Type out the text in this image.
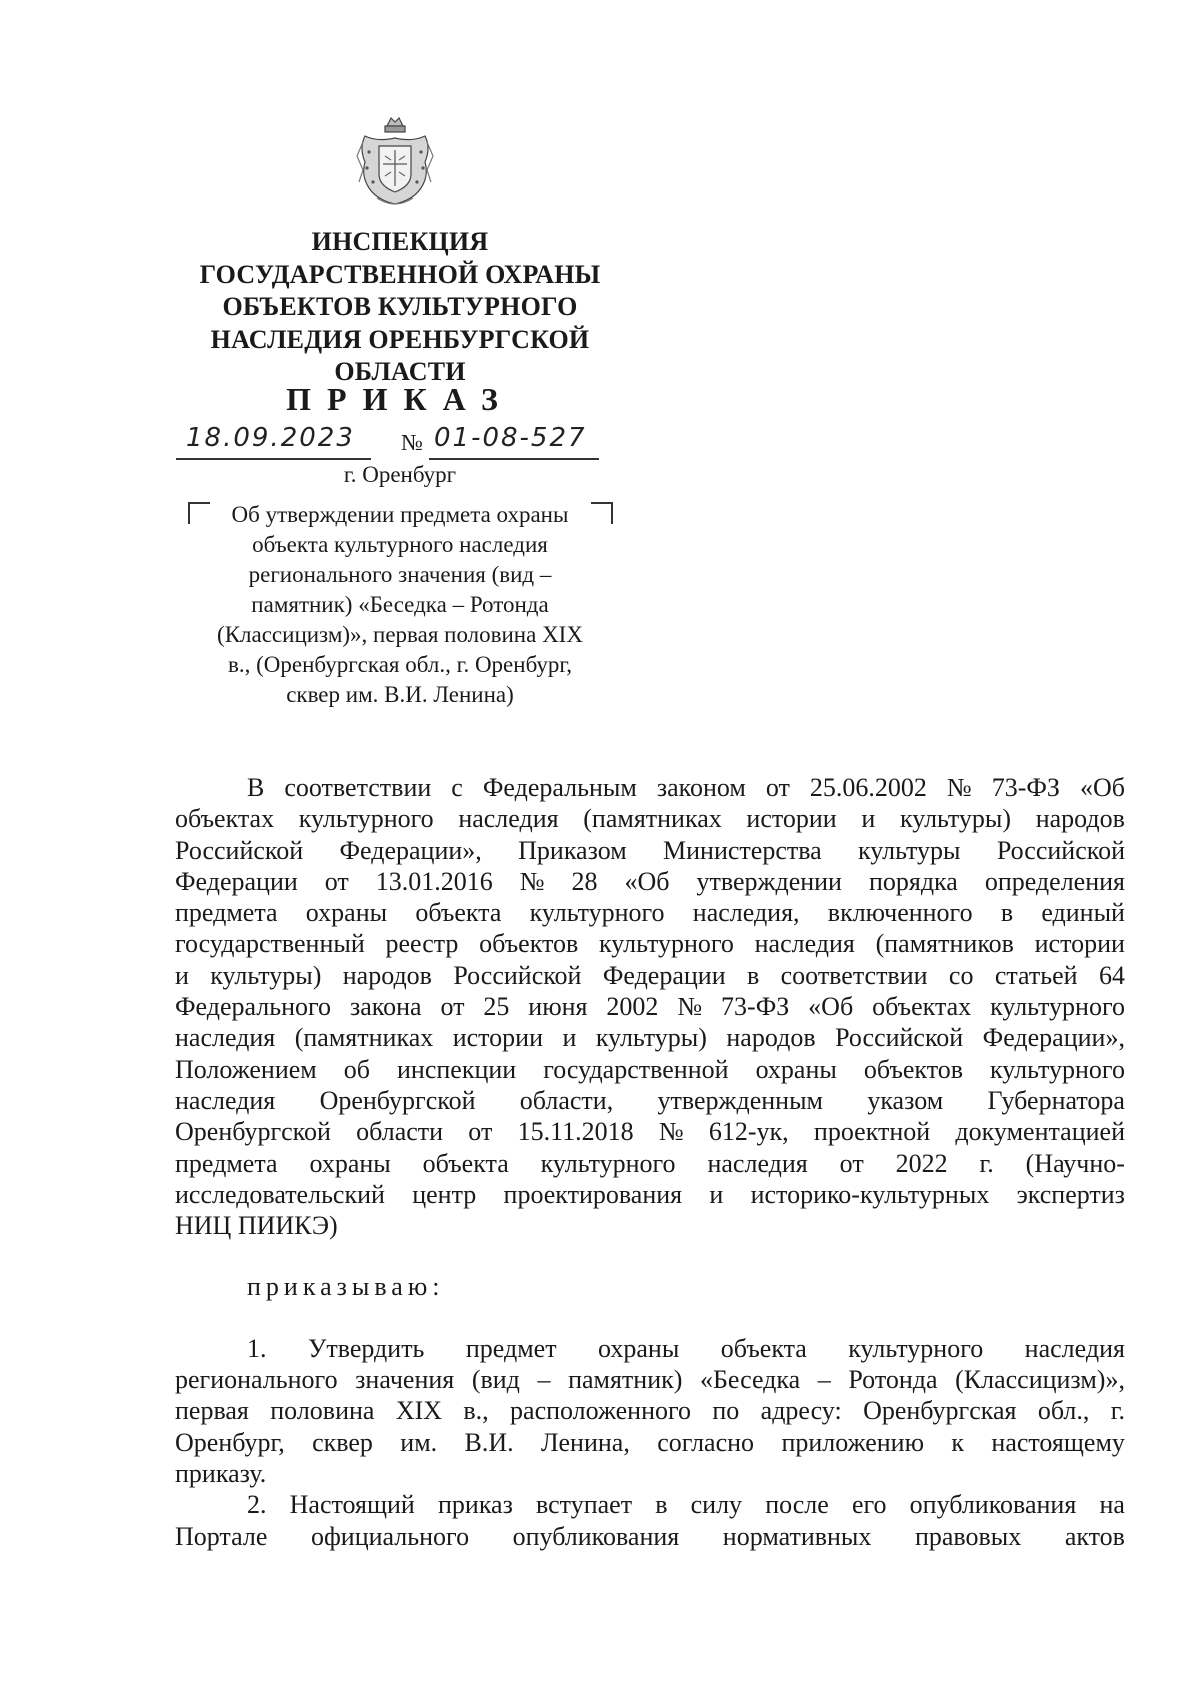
ИНСПЕКЦИЯ
ГОСУДАРСТВЕННОЙ ОХРАНЫ
ОБЪЕКТОВ КУЛЬТУРНОГО
НАСЛЕДИЯ ОРЕНБУРГСКОЙ
ОБЛАСТИ
ПРИКАЗ
18.09.2023 № 01-08-527
г. Оренбург
Об утверждении предмета охраны
объекта культурного наследия
регионального значения (вид –
памятник) «Беседка – Ротонда
(Классицизм)», первая половина XIX
в., (Оренбургская обл., г. Оренбург,
сквер им. В.И. Ленина)
В соответствии с Федеральным законом от 25.06.2002 № 73-ФЗ «Об
объектах культурного наследия (памятниках истории и культуры) народов
Российской Федерации», Приказом Министерства культуры Российской
Федерации от 13.01.2016 № 28 «Об утверждении порядка определения
предмета охраны объекта культурного наследия, включенного в единый
государственный реестр объектов культурного наследия (памятников истории
и культуры) народов Российской Федерации в соответствии со статьей 64
Федерального закона от 25 июня 2002 № 73-ФЗ «Об объектах культурного
наследия (памятниках истории и культуры) народов Российской Федерации»,
Положением об инспекции государственной охраны объектов культурного
наследия Оренбургской области, утвержденным указом Губернатора
Оренбургской области от 15.11.2018 № 612-ук, проектной документацией
предмета охраны объекта культурного наследия от 2022 г. (Научно-
исследовательский центр проектирования и историко-культурных экспертиз
НИЦ ПИИКЭ)
приказываю:
1. Утвердить предмет охраны объекта культурного наследия
регионального значения (вид – памятник) «Беседка – Ротонда (Классицизм)»,
первая половина XIX в., расположенного по адресу: Оренбургская обл., г.
Оренбург, сквер им. В.И. Ленина, согласно приложению к настоящему
приказу.
2. Настоящий приказ вступает в силу после его опубликования на
Портале официального опубликования нормативных правовых актов
